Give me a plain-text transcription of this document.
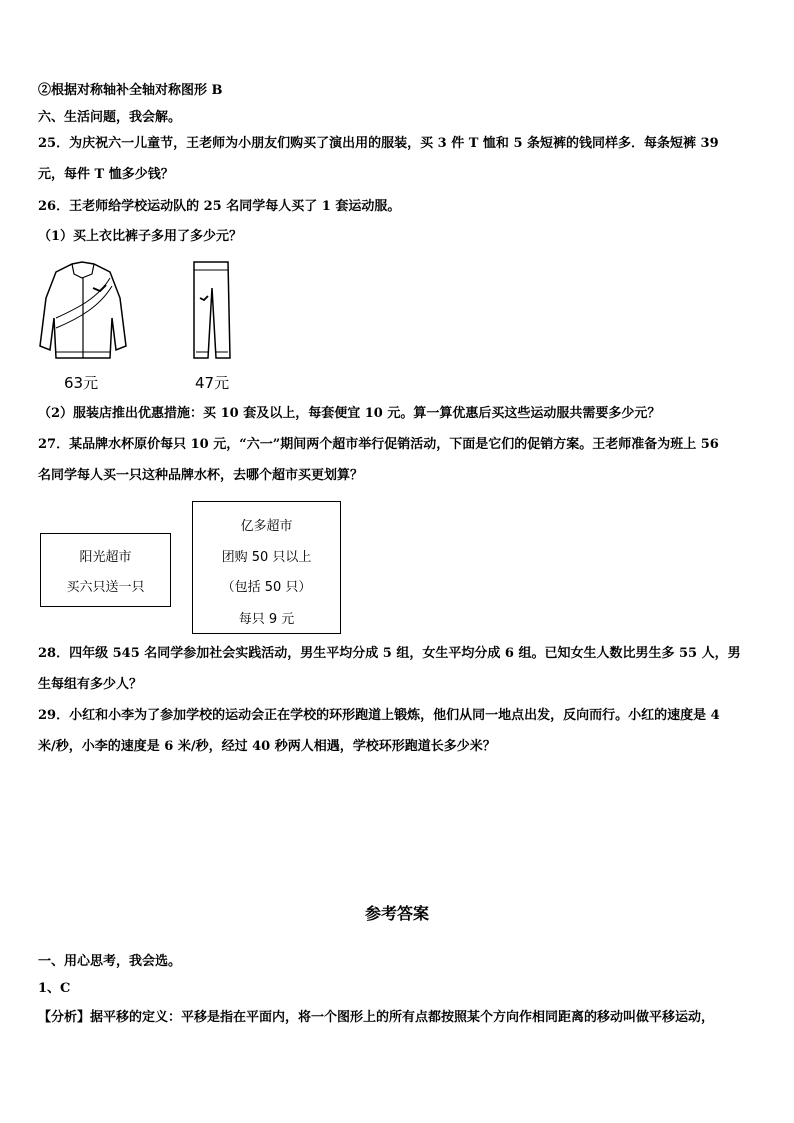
②根据对称轴补全轴对称图形 B
六、生活问题，我会解。
25．为庆祝六一儿童节，王老师为小朋友们购买了演出用的服装，买 3 件 T 恤和 5 条短裤的钱同样多．每条短裤 39
元，每件 T 恤多少钱？
26．王老师给学校运动队的 25 名同学每人买了 1 套运动服。
（1）买上衣比裤子多用了多少元？
63元	47元
（2）服装店推出优惠措施：买 10 套及以上，每套便宜 10 元。算一算优惠后买这些运动服共需要多少元？
27．某品牌水杯原价每只 10 元，“六一”期间两个超市举行促销活动，下面是它们的促销方案。王老师准备为班上 56
名同学每人买一只这种品牌水杯，去哪个超市买更划算？
阳光超市
买六只送一只
亿多超市
团购 50 只以上
（包括 50 只）
每只 9 元
28．四年级 545 名同学参加社会实践活动，男生平均分成 5 组，女生平均分成 6 组。已知女生人数比男生多 55 人，男
生每组有多少人？
29．小红和小李为了参加学校的运动会正在学校的环形跑道上锻炼，他们从同一地点出发，反向而行。小红的速度是 4
米/秒，小李的速度是 6 米/秒，经过 40 秒两人相遇，学校环形跑道长多少米？
参考答案
一、用心思考，我会选。
1、C
【分析】据平移的定义：平移是指在平面内，将一个图形上的所有点都按照某个方向作相同距离的移动叫做平移运动，
